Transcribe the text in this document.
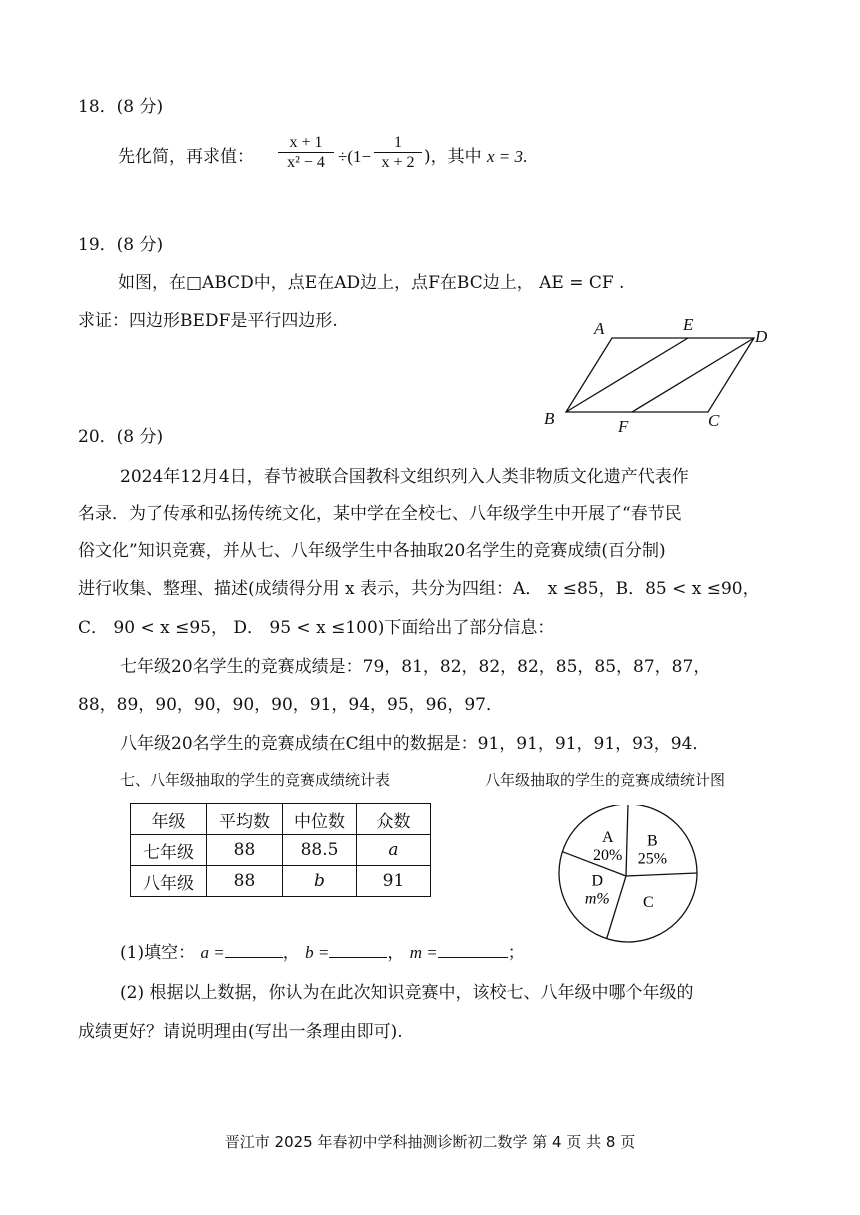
18．(8 分)
先化简，再求值： $\frac{x + 1}{\text{x² − 4}} \div(1- \frac{1}{x + 2}$ )，其中 x = 3.
19．(8 分)
如图，在□ABCD中，点E在AD边上，点F在BC边上， AE = CF .
求证：四边形BEDF是平行四边形.	A	E
D
B	F	C
20．(8 分)
2024年12月4日，春节被联合国教科文组织列入人类非物质文化遗产代表作
名录．为了传承和弘扬传统文化，某中学在全校七、八年级学生中开展了“春节民
俗文化”知识竞赛，并从七、八年级学生中各抽取20名学生的竞赛成绩(百分制)
进行收集、整理、描述(成绩得分用 x 表示，共分为四组：A． x ≤85，B．85 < x ≤90，
C． 90 < x ≤95， D． 95 < x ≤100)下面给出了部分信息：
七年级20名学生的竞赛成绩是：79，81，82，82，82，85，85，87，87，
88，89，90，90，90，90，91，94，95，96，97．
八年级20名学生的竞赛成绩在C组中的数据是：91，91，91，91，93，94．
七、八年级抽取的学生的竞赛成绩统计表	八年级抽取的学生的竞赛成绩统计图
年级	平均数	中位数	众数
七年级	88	88.5	a
八年级	88	b	91
A
20%
B
25%
C
D
m%
(1)填空： a =	， b =	， m =	；
(2) 根据以上数据，你认为在此次知识竞赛中，该校七、八年级中哪个年级的
成绩更好？请说明理由(写出一条理由即可).
晋江市 2025 年春初中学科抽测诊断初二数学 第 4 页 共 8 页
